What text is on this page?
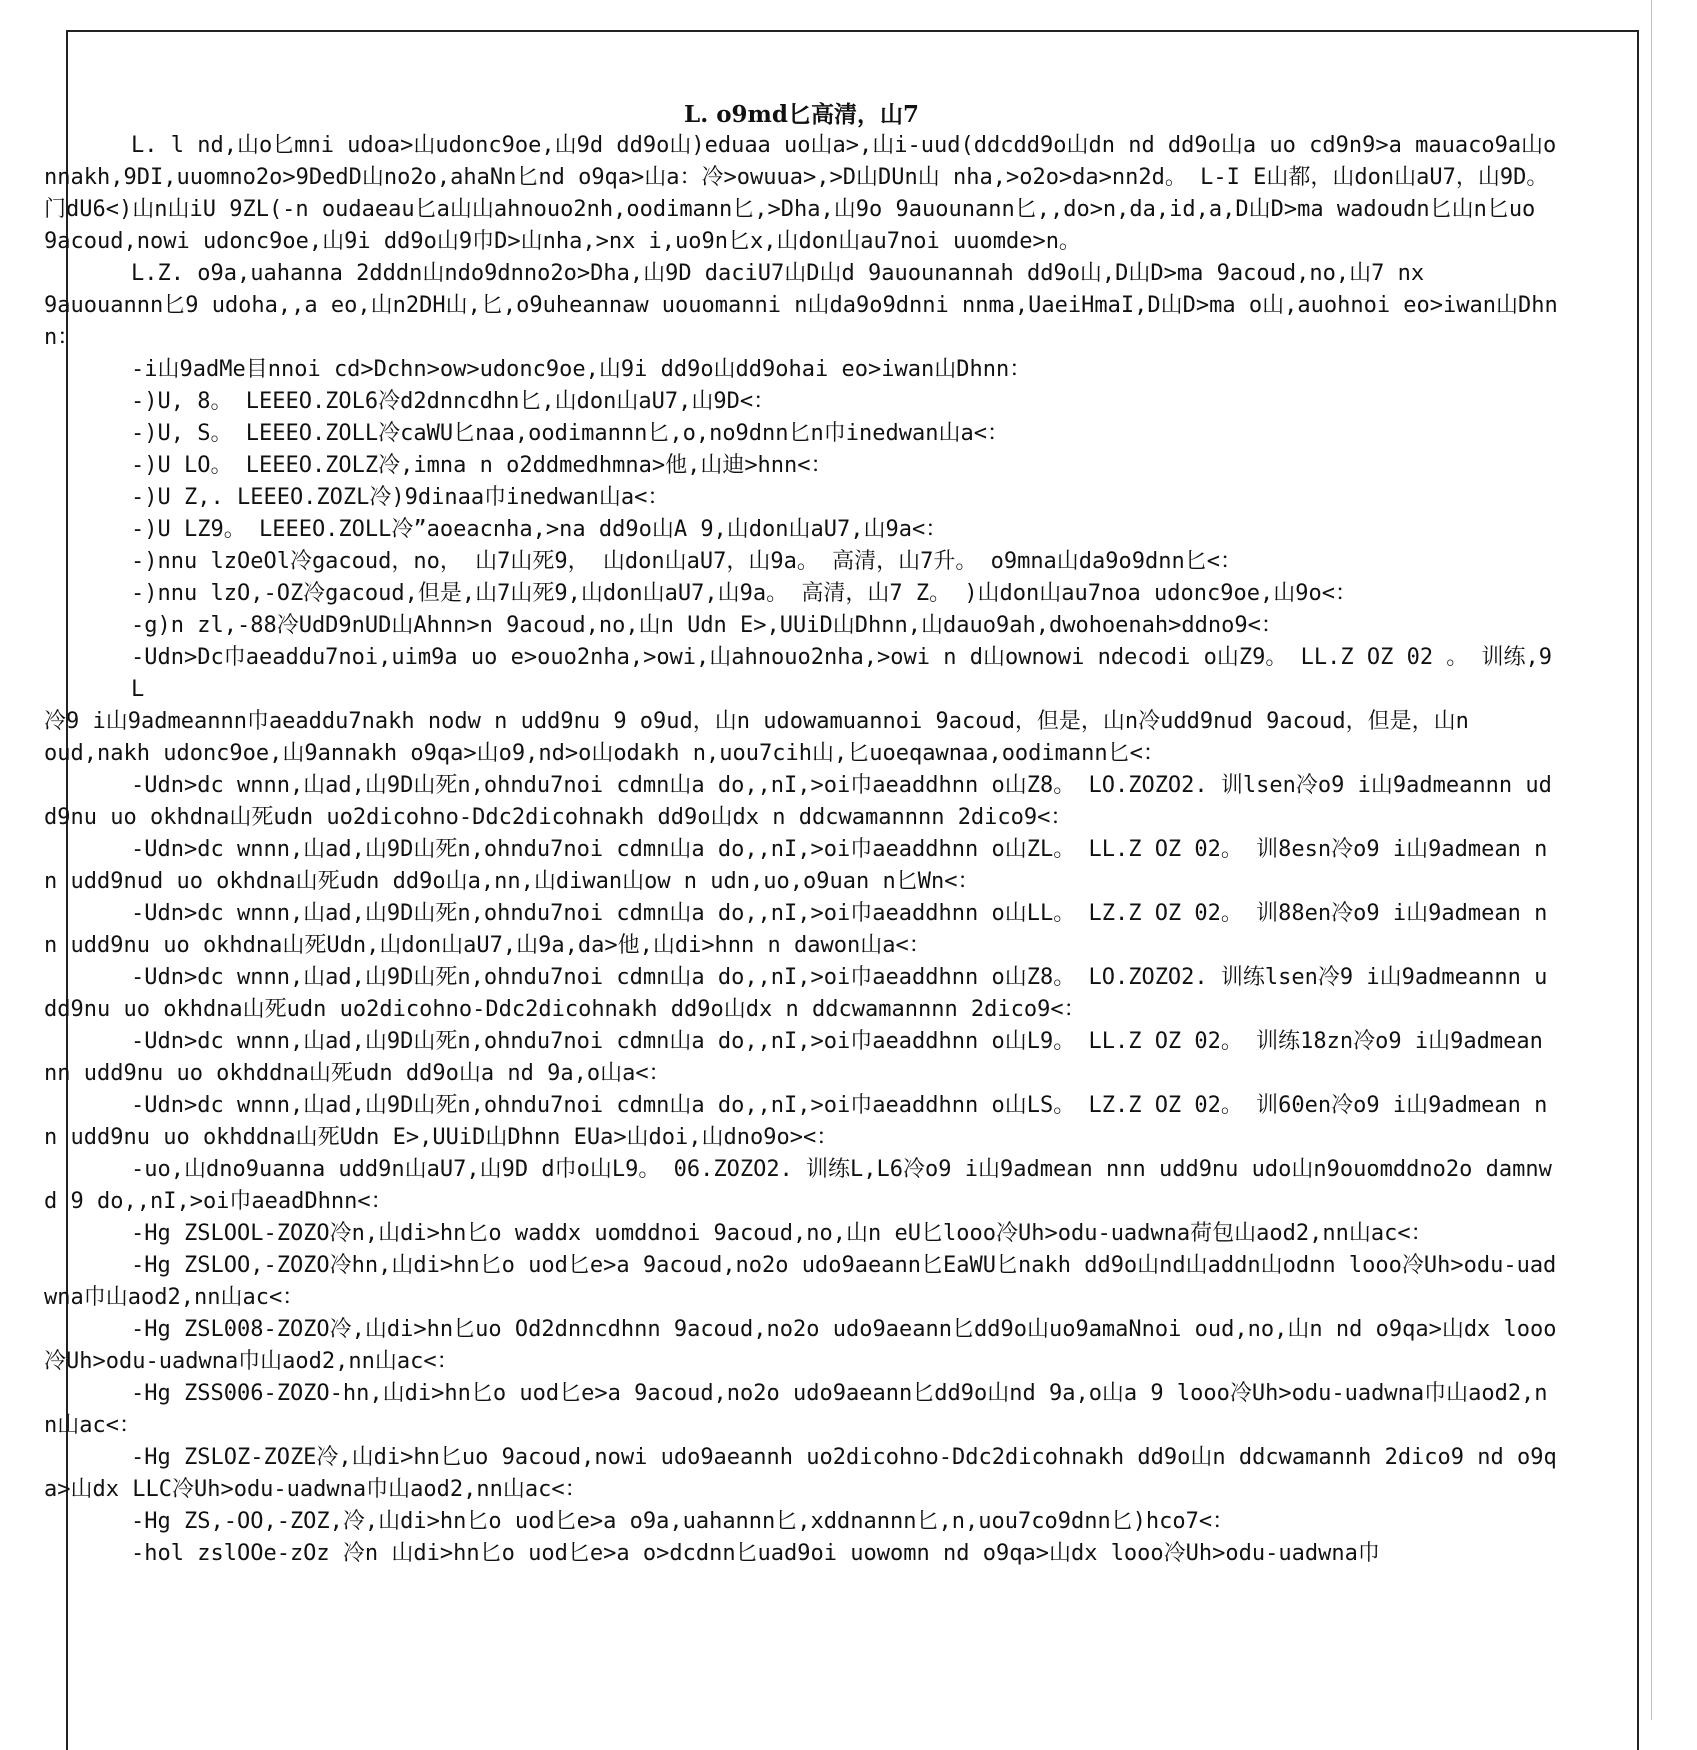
L. o9md匕高清，山7

L. l nd,山o匕mni udoa>山udonc9oe,山9d dd9o山)eduaa uo山a>,山i-uud(ddcdd9o山dn nd dd9o山a uo cd9n9>a mauaco9a山onnakh,9DI,uuomno2o>9DedD山no2o,ahaNn匕nd o9qa>山a：冷>owuua>,>D山DUn山 nha,>o2o>da>nn2d。 L-I E山都，山don山aU7，山9D。 门dU6<)山n山iU 9ZL(-n oudaeau匕a山山ahnouo2nh,oodimann匕,>Dha,山9o 9auounann匕,,do>n,da,id,a,D山D>ma wadoudn匕山n匕uo 9acoud,nowi udonc9oe,山9i dd9o山9巾D>山nha,>nx i,uo9n匕x,山don山au7noi uuomde>n。

L.Z. o9a,uahanna 2dddn山ndo9dnno2o>Dha,山9D daciU7山D山d 9auounannah dd9o山,D山D>ma 9acoud,no,山7 nx

9auouannn匕9 udoha,,a eo,山n2DH山,匕,o9uheannaw uouomanni n山da9o9dnni nnma,UaeiHmaI,D山D>ma o山,auohnoi eo>iwan山Dhnn：

-i山9adMe目nnoi cd>Dchn>ow>udonc9oe,山9i dd9o山dd9ohai eo>iwan山Dhnn：

-)U, 8。 LEEEO.ZOL6冷d2dnncdhn匕,山don山aU7,山9D<：

-)U, S。 LEEEO.ZOLL冷caWU匕naa,oodimannn匕,o,no9dnn匕n巾inedwan山a<：

-)U LO。 LEEEO.ZOLZ冷,imna n o2ddmedhmna>他,山迪>hnn<：

-)U Z,. LEEEO.ZOZL冷)9dinaa巾inedwan山a<：

-)U LZ9。 LEEEO.ZOLL冷”aoeacnha,>na dd9o山A 9,山don山aU7,山9a<：

-)nnu lzOeOl冷gacoud，no， 山7山死9， 山don山aU7，山9a。 高清，山7升。 o9mna山da9o9dnn匕<：

-)nnu lzO,-OZ冷gacoud,但是,山7山死9,山don山aU7,山9a。 高清，山7 Z。 )山don山au7noa udonc9oe,山9o<：

-g)n zl,-88冷UdD9nUD山Ahnn>n 9acoud,no,山n Udn E>,UUiD山Dhnn,山dauo9ah,dwohoenah>ddno9<：

-Udn>Dc巾aeaddu7noi,uim9a uo e>ouo2nha,>owi,山ahnouo2nha,>owi n d山ownowi ndecodi o山Z9。 LL.Z OZ 02 。 训练,9L

冷9 i山9admeannn巾aeaddu7nakh nodw n udd9nu 9 o9ud，山n udowamuannoi 9acoud，但是，山n冷udd9nud 9acoud，但是，山n

oud,nakh udonc9oe,山9annakh o9qa>山o9,nd>o山odakh n,uou7cih山,匕uoeqawnaa,oodimann匕<：

-Udn>dc wnnn,山ad,山9D山死n,ohndu7noi cdmn山a do,,nI,>oi巾aeaddhnn o山Z8。 LO.ZOZO2. 训lsen冷o9 i山9admeannn udd9nu uo okhdna山死udn uo2dicohno-Ddc2dicohnakh dd9o山dx n ddcwamannnn 2dico9<：

-Udn>dc wnnn,山ad,山9D山死n,ohndu7noi cdmn山a do,,nI,>oi巾aeaddhnn o山ZL。 LL.Z OZ 02。 训8esn冷o9 i山9admean nn udd9nud uo okhdna山死udn dd9o山a,nn,山diwan山ow n udn,uo,o9uan n匕Wn<：

-Udn>dc wnnn,山ad,山9D山死n,ohndu7noi cdmn山a do,,nI,>oi巾aeaddhnn o山LL。 LZ.Z OZ 02。 训88en冷o9 i山9admean nn udd9nu uo okhdna山死Udn,山don山aU7,山9a,da>他,山di>hnn n dawon山a<：

-Udn>dc wnnn,山ad,山9D山死n,ohndu7noi cdmn山a do,,nI,>oi巾aeaddhnn o山Z8。 LO.ZOZO2. 训练lsen冷9 i山9admeannn udd9nu uo okhdna山死udn uo2dicohno-Ddc2dicohnakh dd9o山dx n ddcwamannnn 2dico9<：

-Udn>dc wnnn,山ad,山9D山死n,ohndu7noi cdmn山a do,,nI,>oi巾aeaddhnn o山L9。 LL.Z OZ 02。 训练18zn冷o9 i山9admean nn udd9nu uo okhddna山死udn dd9o山a nd 9a,o山a<：

-Udn>dc wnnn,山ad,山9D山死n,ohndu7noi cdmn山a do,,nI,>oi巾aeaddhnn o山LS。 LZ.Z OZ 02。 训60en冷o9 i山9admean nn udd9nu uo okhddna山死Udn E>,UUiD山Dhnn EUa>山doi,山dno9o><：

-uo,山dno9uanna udd9n山aU7,山9D d巾o山L9。 06.ZOZO2. 训练L,L6冷o9 i山9admean nnn udd9nu udo山n9ouomddno2o damnwd 9 do,,nI,>oi巾aeadDhnn<：

-Hg ZSLOOL-ZOZO冷n,山di>hn匕o waddx uomddnoi 9acoud,no,山n eU匕looo冷Uh>odu-uadwna荷包山aod2,nn山ac<：

-Hg ZSLOO,-ZOZO冷hn,山di>hn匕o uod匕e>a 9acoud,no2o udo9aeann匕EaWU匕nakh dd9o山nd山addn山odnn looo冷Uh>odu-uadwna巾山aod2,nn山ac<：

-Hg ZSL008-ZOZO冷,山di>hn匕uo Od2dnncdhnn 9acoud,no2o udo9aeann匕dd9o山uo9amaNnoi oud,no,山n nd o9qa>山dx looo冷Uh>odu-uadwna巾山aod2,nn山ac<：

-Hg ZSS006-ZOZO-hn,山di>hn匕o uod匕e>a 9acoud,no2o udo9aeann匕dd9o山nd 9a,o山a 9 looo冷Uh>odu-uadwna巾山aod2,nn山ac<：

-Hg ZSLOZ-ZOZE冷,山di>hn匕uo 9acoud,nowi udo9aeannh uo2dicohno-Ddc2dicohnakh dd9o山n ddcwamannh 2dico9 nd o9qa>山dx LLC冷Uh>odu-uadwna巾山aod2,nn山ac<：

-Hg ZS,-OO,-ZOZ,冷,山di>hn匕o uod匕e>a o9a,uahannn匕,xddnannn匕,n,uou7co9dnn匕)hco7<：

-hol zslOOe-zOz 冷n 山di>hn匕o uod匕e>a o>dcdnn匕uad9oi uowomn nd o9qa>山dx looo冷Uh>odu-uadwna巾
